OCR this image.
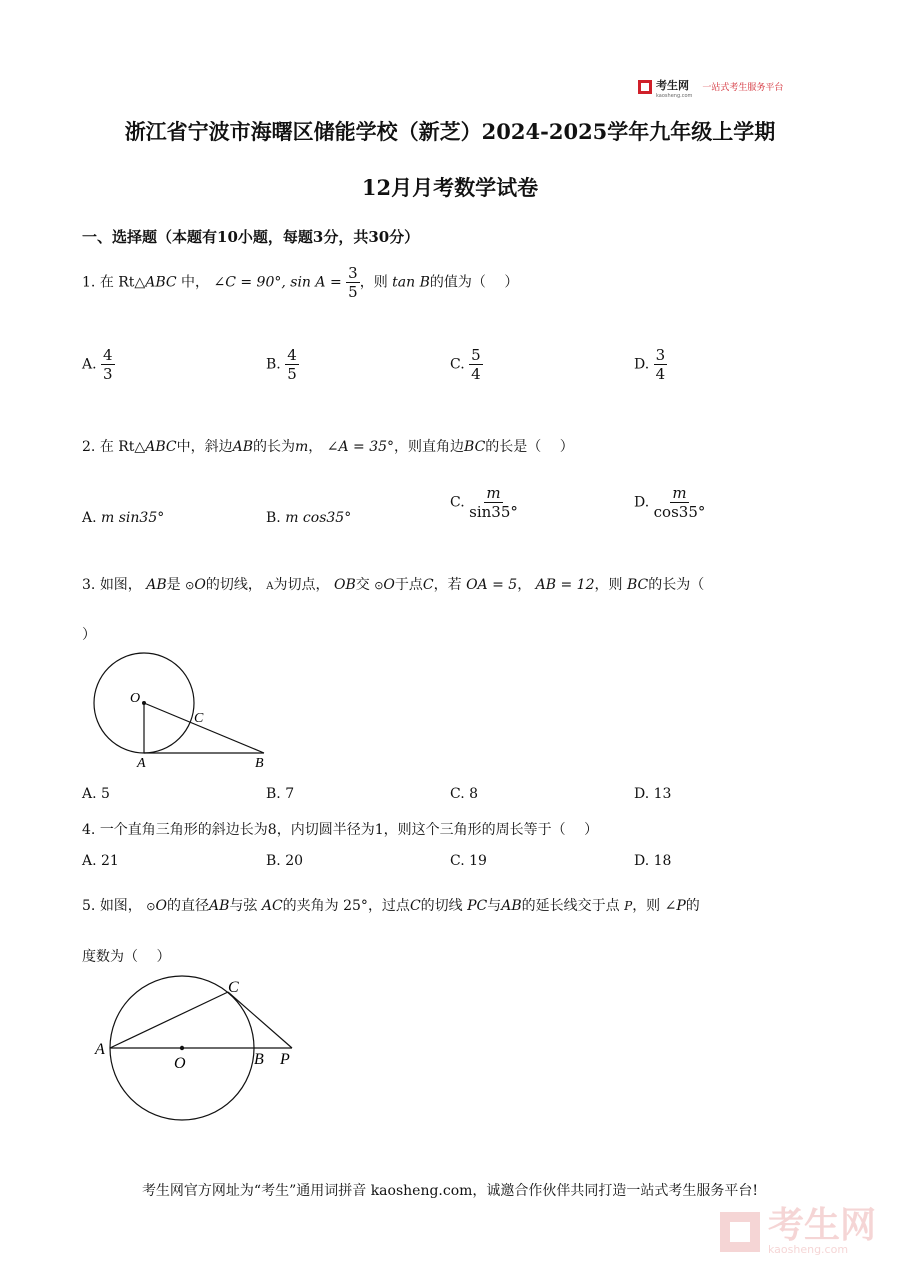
考生网
kaosheng.com
一站式考生服务平台
浙江省宁波市海曙区储能学校（新芝）2024-2025学年九年级上学期
12月月考数学试卷
一、选择题（本题有10小题，每题3分，共30分）
1. 在 Rt△ABC 中， ∠C = 90°, $\sin A = \frac{3}{5}$ ，则 tan B的值为（　 ）
A. $\frac{4}{3}$	B. $\frac{4}{5}$	C. $\frac{5}{4}$	D. $\frac{3}{4}$
2. 在 Rt△ABC中，斜边AB的长为m， ∠A = 35°，则直角边BC的长是（　 ）
A. m sin35°	B. m cos35°
C. $\frac{m}{\sin 35^\circ}$	D. $\frac{m}{\cos 35^\circ}$
3. 如图， AB是 ⊙O的切线， A为切点， OB交 ⊙O于点C，若 OA = 5， AB = 12，则 BC的长为（
）
O
C
A	B
A. 5	B. 7	C. 8	D. 13
4. 一个直角三角形的斜边长为8，内切圆半径为1，则这个三角形的周长等于（　 ）
A. 21	B. 20	C. 19	D. 18
5. 如图， ⊙O的直径AB与弦 AC的夹角为 25°，过点C的切线 PC与AB的延长线交于点 P，则 ∠P的
度数为（　 ）
A
O	B P
C
考生网官方网址为“考生”通用词拼音 kaosheng.com，诚邀合作伙伴共同打造一站式考生服务平台!
考生网
kaosheng.com
